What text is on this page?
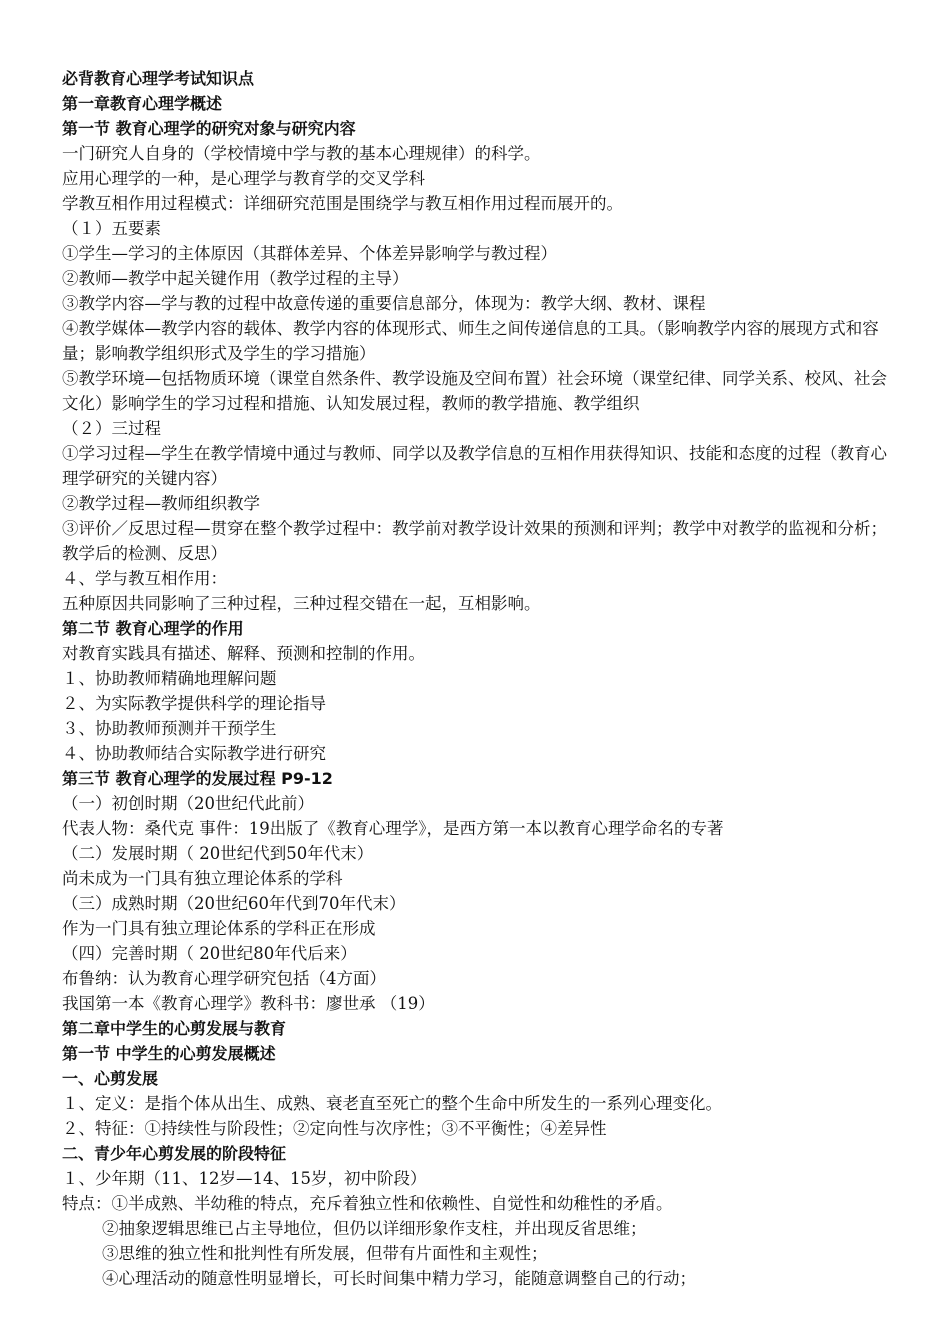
必背教育心理学考试知识点
第一章教育心理学概述
第一节 教育心理学的研究对象与研究内容
一门研究人自身的（学校情境中学与教的基本心理规律）的科学。
应用心理学的一种，是心理学与教育学的交叉学科
学教互相作用过程模式：详细研究范围是围绕学与教互相作用过程而展开的。
（１）五要素
①学生—学习的主体原因（其群体差异、个体差异影响学与教过程）
②教师—教学中起关键作用（教学过程的主导）
③教学内容—学与教的过程中故意传递的重要信息部分，体现为：教学大纲、教材、课程
④教学媒体—教学内容的载体、教学内容的体现形式、师生之间传递信息的工具。（影响教学内容的展现方式和容量；影响教学组织形式及学生的学习措施）
⑤教学环境—包括物质环境（课堂自然条件、教学设施及空间布置）社会环境（课堂纪律、同学关系、校风、社会文化）影响学生的学习过程和措施、认知发展过程，教师的教学措施、教学组织
（２）三过程
①学习过程—学生在教学情境中通过与教师、同学以及教学信息的互相作用获得知识、技能和态度的过程（教育心理学研究的关键内容）
②教学过程—教师组织教学
③评价／反思过程—贯穿在整个教学过程中：教学前对教学设计效果的预测和评判；教学中对教学的监视和分析；教学后的检测、反思）
４、学与教互相作用：
五种原因共同影响了三种过程，三种过程交错在一起，互相影响。
第二节 教育心理学的作用
对教育实践具有描述、解释、预测和控制的作用。
１、协助教师精确地理解问题
２、为实际教学提供科学的理论指导
３、协助教师预测并干预学生
４、协助教师结合实际教学进行研究
第三节 教育心理学的发展过程 P9-12
（一）初创时期（20世纪代此前）
代表人物：桑代克 事件：19出版了《教育心理学》，是西方第一本以教育心理学命名的专著
（二）发展时期（ 20世纪代到50年代末）
尚未成为一门具有独立理论体系的学科
（三）成熟时期（20世纪60年代到70年代末）
作为一门具有独立理论体系的学科正在形成
（四）完善时期（ 20世纪80年代后来）
布鲁纳：认为教育心理学研究包括（4方面）
我国第一本《教育心理学》教科书：廖世承 （19）
第二章中学生的心剪发展与教育
第一节 中学生的心剪发展概述
一、心剪发展
１、定义：是指个体从出生、成熟、衰老直至死亡的整个生命中所发生的一系列心理变化。
２、特征：①持续性与阶段性；②定向性与次序性；③不平衡性；④差异性
二、青少年心剪发展的阶段特征
１、少年期（11、12岁—14、15岁，初中阶段）
特点：①半成熟、半幼稚的特点，充斥着独立性和依赖性、自觉性和幼稚性的矛盾。
②抽象逻辑思维已占主导地位，但仍以详细形象作支柱，并出现反省思维；
③思维的独立性和批判性有所发展，但带有片面性和主观性；
④心理活动的随意性明显增长，可长时间集中精力学习，能随意调整自己的行动；
